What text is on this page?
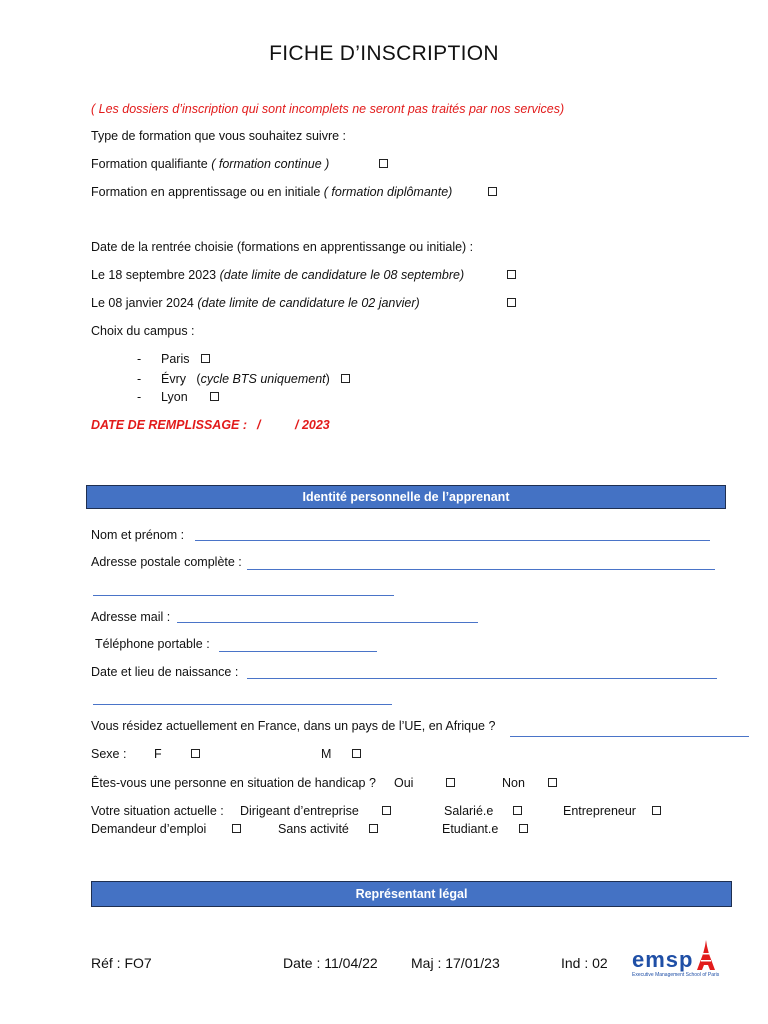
FICHE D’INSCRIPTION
( Les dossiers d’inscription qui sont incomplets ne seront pas traités par nos services)
Type de formation que vous souhaitez suivre :
Formation qualifiante ( formation continue )
Formation en apprentissage ou en initiale ( formation diplômante)
Date de la rentrée choisie (formations en apprentissange ou initiale) :
Le 18 septembre 2023 (date limite de candidature le 08 septembre)
Le 08 janvier 2024 (date limite de candidature le 02 janvier)
Choix du campus :
- Paris
- Évry (cycle BTS uniquement)
- Lyon
DATE DE REMPLISSAGE : /	/ 2023
Identité personnelle de l’apprenant
Nom et prénom :
Adresse postale complète :
Adresse mail :
Téléphone portable :
Date et lieu de naissance :
Vous résidez actuellement en France, dans un pays de l’UE, en Afrique ?
Sexe : F	M
Êtes-vous une personne en situation de handicap ? Oui	Non
Votre situation actuelle : Dirigeant d’entreprise	Salarié.e	Entrepreneur
Demandeur d’emploi	Sans activité	Etudiant.e
Représentant légal
Réf : FO7	Date : 11/04/22 Maj : 17/01/23	Ind : 02 emsp
Executive Management School of Paris
